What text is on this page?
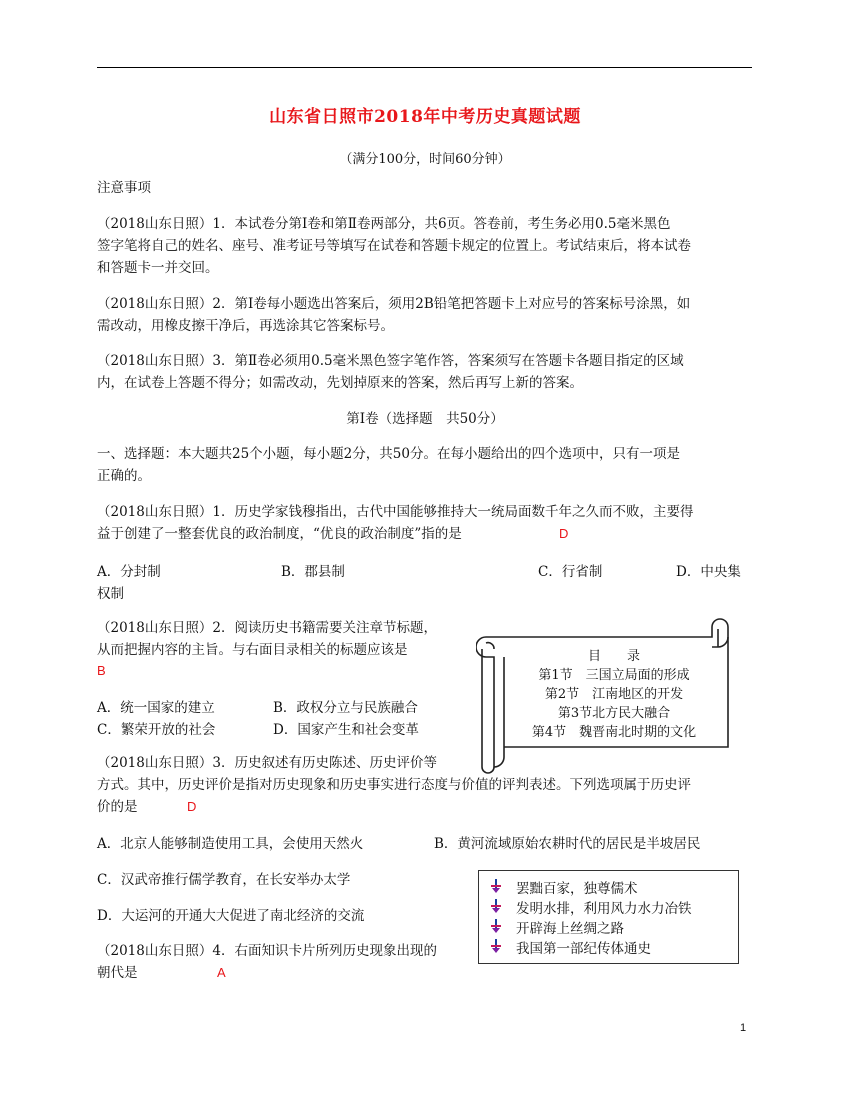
山东省日照市2018年中考历史真题试题
（满分100分，时间60分钟）
注意事项
（2018山东日照）1．本试卷分第Ⅰ卷和第Ⅱ卷两部分，共6页。答卷前，考生务必用0.5毫米黑色
签字笔将自己的姓名、座号、准考证号等填写在试卷和答题卡规定的位置上。考试结束后，将本试卷
和答题卡一并交回。
（2018山东日照）2．第Ⅰ卷每小题选出答案后，须用2B铅笔把答题卡上对应号的答案标号涂黑，如
需改动，用橡皮擦干净后，再选涂其它答案标号。
（2018山东日照）3．第Ⅱ卷必须用0.5毫米黑色签字笔作答，答案须写在答题卡各题目指定的区域
内，在试卷上答题不得分；如需改动，先划掉原来的答案，然后再写上新的答案。
第Ⅰ卷（选择题　共50分）
一、选择题：本大题共25个小题，每小题2分，共50分。在每小题给出的四个选项中，只有一项是
正确的。
（2018山东日照）1．历史学家钱穆指出，古代中国能够推持大一统局面数千年之久而不败，主要得
益于创建了一整套优良的政治制度，“优良的政治制度”指的是	D
A．分封制	B．郡县制	C．行省制	D．中央集
权制
（2018山东日照）2．阅读历史书籍需要关注章节标题，
从而把握内容的主旨。与右面目录相关的标题应该是
B
A．统一国家的建立	B．政权分立与民族融合
C．繁荣开放的社会	D．国家产生和社会变革
目　　录
第1节　三国立局面的形成
第2节　江南地区的开发
第3节北方民大融合
第4节　魏晋南北时期的文化
（2018山东日照）3．历史叙述有历史陈述、历史评价等
方式。其中，历史评价是指对历史现象和历史事实进行态度与价值的评判表述。下列选项属于历史评
价的是	D
A．北京人能够制造使用工具，会使用天然火	B．黄河流域原始农耕时代的居民是半坡居民
C．汉武帝推行儒学教育，在长安举办太学
D．大运河的开通大大促进了南北经济的交流
（2018山东日照）4．右面知识卡片所列历史现象出现的
朝代是	A
罢黜百家，独尊儒术
发明水排，利用风力水力冶铁
开辟海上丝绸之路
我国第一部纪传体通史
1
